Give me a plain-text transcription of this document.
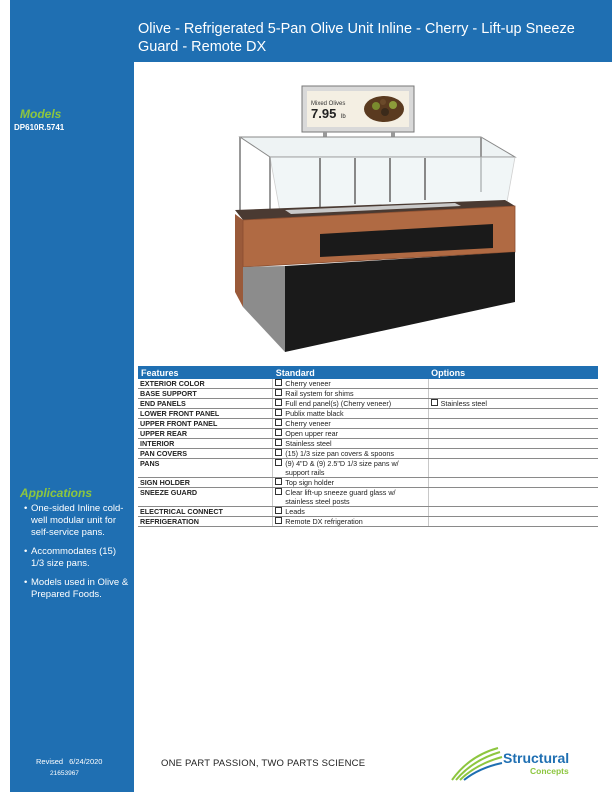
Olive - Refrigerated 5-Pan Olive Unit Inline - Cherry - Lift-up Sneeze Guard - Remote DX
Models
DP610R.5741
Applications
• One-sided Inline cold-well modular unit for self-service pans.
• Accommodates (15) 1/3 size pans.
• Models used in Olive & Prepared Foods.
Revised 6/24/2020
21653967
Mixed Olives
7.95 lb
Features	Standard	Options
EXTERIOR COLOR	Cherry veneer	
BASE SUPPORT	Rail system for shims	
END PANELS	Full end panel(s) (Cherry veneer)	Stainless steel
LOWER FRONT PANEL	Publix matte black	
UPPER FRONT PANEL	Cherry veneer	
UPPER REAR	Open upper rear	
INTERIOR	Stainless steel	
PAN COVERS	(15) 1/3 size pan covers & spoons	
PANS	(9) 4"D & (9) 2.5"D 1/3 size pans w/ support rails	
SIGN HOLDER	Top sign holder	
SNEEZE GUARD	Clear lift-up sneeze guard glass w/ stainless steel posts	
ELECTRICAL CONNECT	Leads	
REFRIGERATION	Remote DX refrigeration	
ONE PART PASSION, TWO PARTS SCIENCE	Structural
Concepts
